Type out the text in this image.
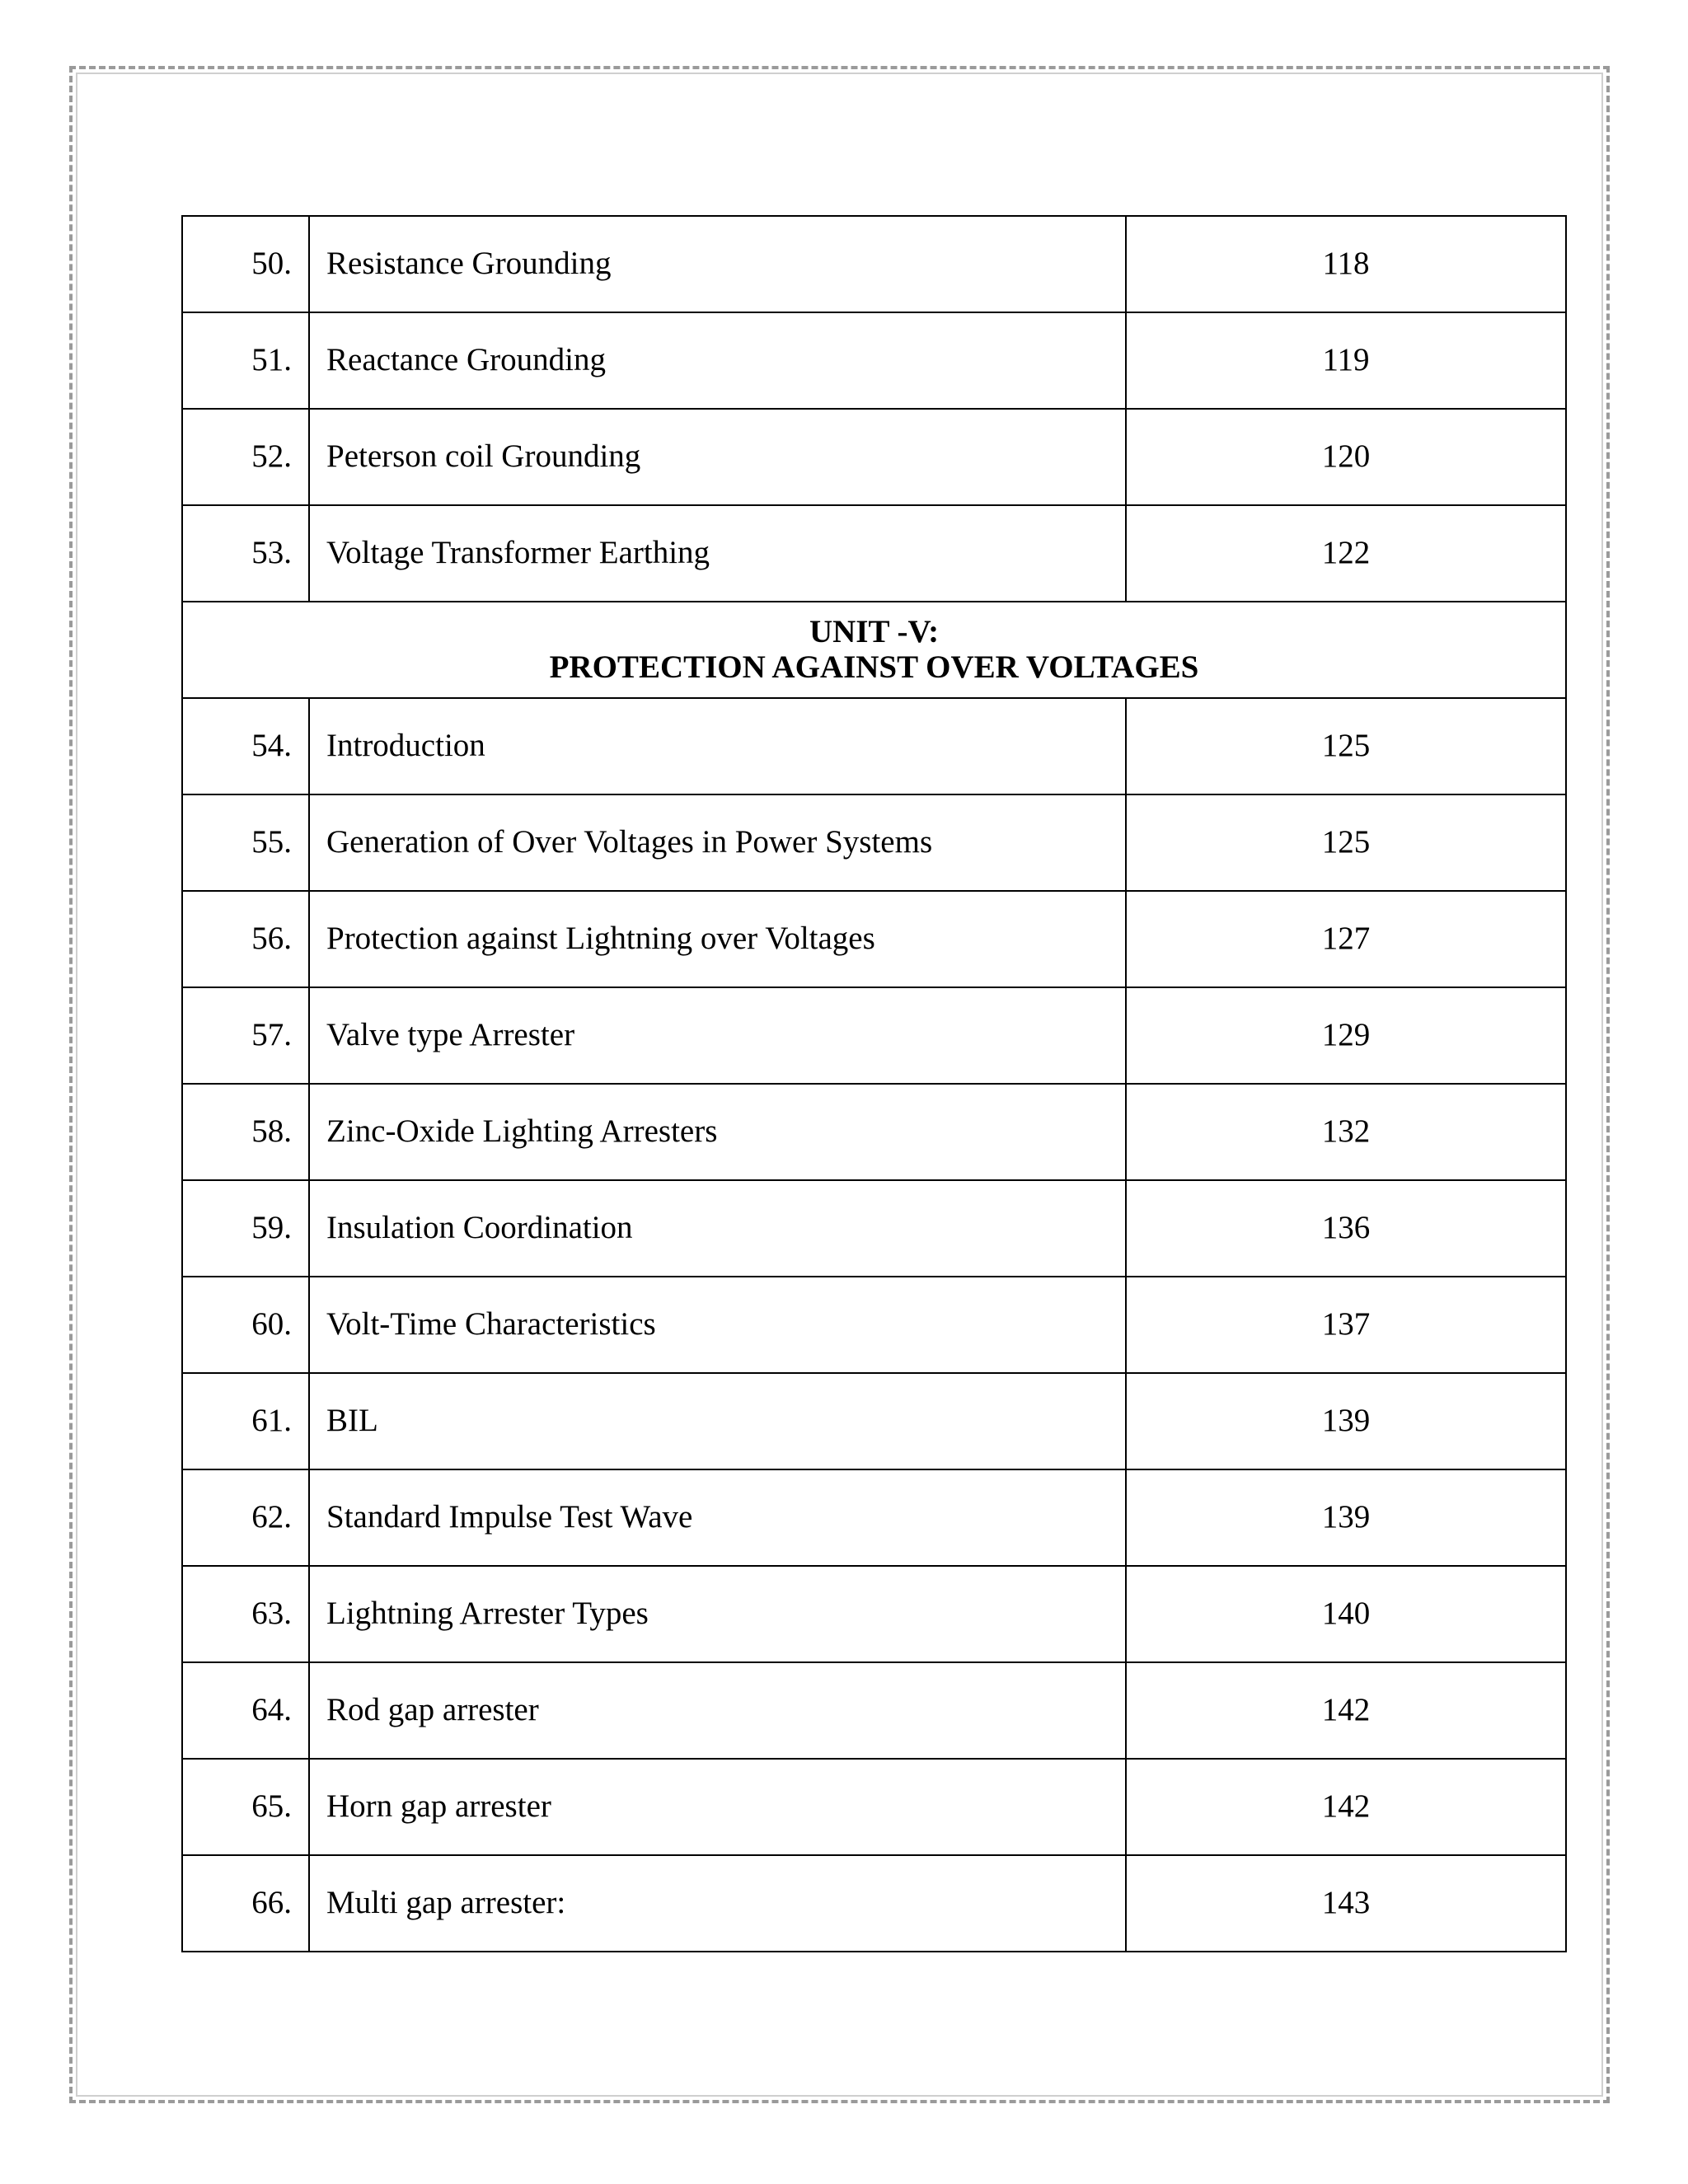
50.	Resistance Grounding	118
51.	Reactance Grounding	119
52.	Peterson coil Grounding	120
53.	Voltage Transformer Earthing	122

UNIT -V:
PROTECTION AGAINST OVER VOLTAGES		

54.	Introduction	125
55.	Generation of Over Voltages in Power Systems	125
56.	Protection against Lightning over Voltages	127
57.	Valve type Arrester	129
58.	Zinc-Oxide Lighting Arresters	132
59.	Insulation Coordination	136
60.	Volt-Time Characteristics	137
61.	BIL	139
62.	Standard Impulse Test Wave	139
63.	Lightning Arrester Types	140
64.	Rod gap arrester	142
65.	Horn gap arrester	142
66.	Multi gap arrester:	143
